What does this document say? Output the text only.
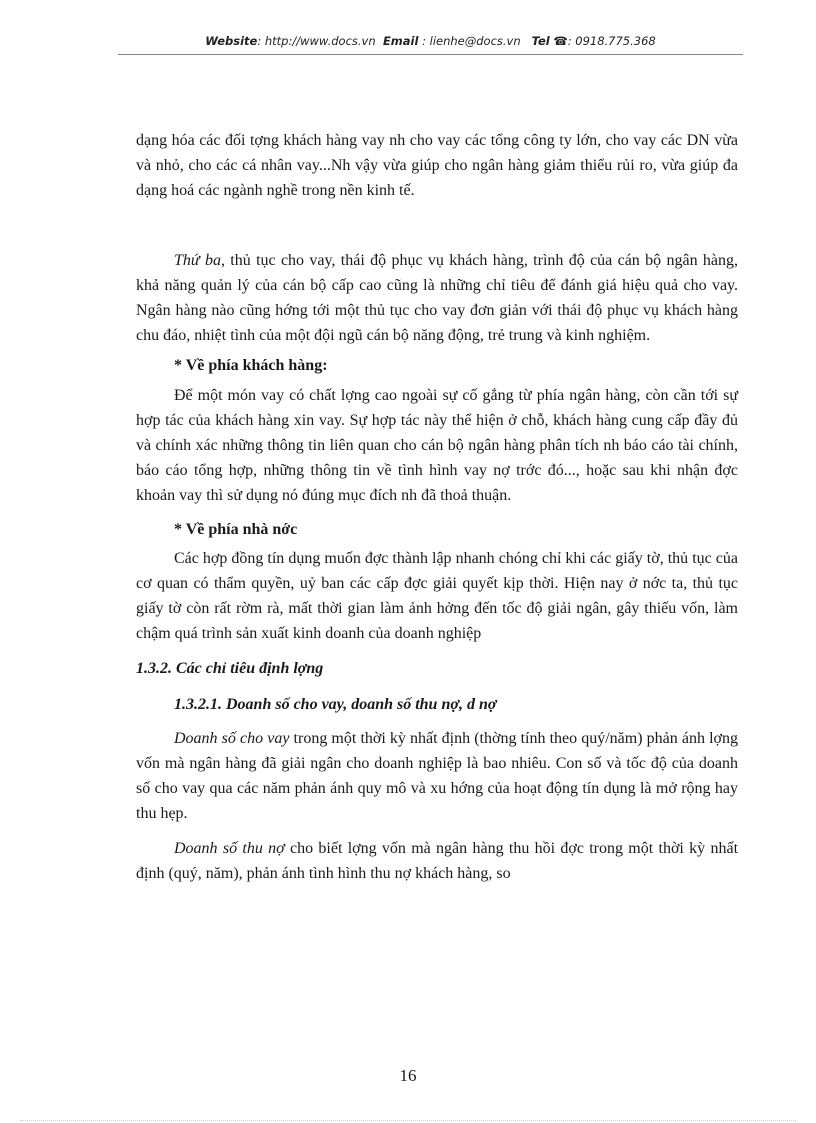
Website: http://www.docs.vn Email : lienhe@docs.vn Tel ☎: 0918.775.368

dạng hóa các đối tợng khách hàng vay nh cho vay các tổng công ty lớn, cho vay các DN vừa và nhỏ, cho các cá nhân vay...Nh vậy vừa giúp cho ngân hàng giảm thiểu rủi ro, vừa giúp đa dạng hoá các ngành nghề trong nền kinh tế.

Thứ ba, thủ tục cho vay, thái độ phục vụ khách hàng, trình độ của cán bộ ngân hàng, khả năng quản lý của cán bộ cấp cao cũng là những chỉ tiêu để đánh giá hiệu quả cho vay. Ngân hàng nào cũng hớng tới một thủ tục cho vay đơn giản với thái độ phục vụ khách hàng chu đáo, nhiệt tình của một đội ngũ cán bộ năng động, trẻ trung và kinh nghiệm.

* Về phía khách hàng:

Để một món vay có chất lợng cao ngoài sự cố gắng từ phía ngân hàng, còn cần tới sự hợp tác của khách hàng xin vay. Sự hợp tác này thể hiện ở chỗ, khách hàng cung cấp đầy đủ và chính xác những thông tin liên quan cho cán bộ ngân hàng phân tích nh báo cáo tài chính, báo cáo tổng hợp, những thông tin về tình hình vay nợ trớc đó..., hoặc sau khi nhận đợc khoản vay thì sử dụng nó đúng mục đích nh đã thoả thuận.

* Về phía nhà nớc

Các hợp đồng tín dụng muốn đợc thành lập nhanh chóng chỉ khi các giấy tờ, thủ tục của cơ quan có thẩm quyền, uỷ ban các cấp đợc giải quyết kịp thời. Hiện nay ở nớc ta, thủ tục giấy tờ còn rất rờm rà, mất thời gian làm ảnh hởng đến tốc độ giải ngân, gây thiếu vốn, làm chậm quá trình sản xuất kinh doanh của doanh nghiệp

1.3.2. Các chỉ tiêu định lợng

1.3.2.1. Doanh số cho vay, doanh số thu nợ, d nợ

Doanh số cho vay trong một thời kỳ nhất định (thờng tính theo quý/năm) phản ánh lợng vốn mà ngân hàng đã giải ngân cho doanh nghiệp là bao nhiêu. Con số và tốc độ của doanh số cho vay qua các năm phản ánh quy mô và xu hớng của hoạt động tín dụng là mở rộng hay thu hẹp.

Doanh số thu nợ cho biết lợng vốn mà ngân hàng thu hồi đợc trong một thời kỳ nhất định (quý, năm), phản ánh tình hình thu nợ khách hàng, so

16
